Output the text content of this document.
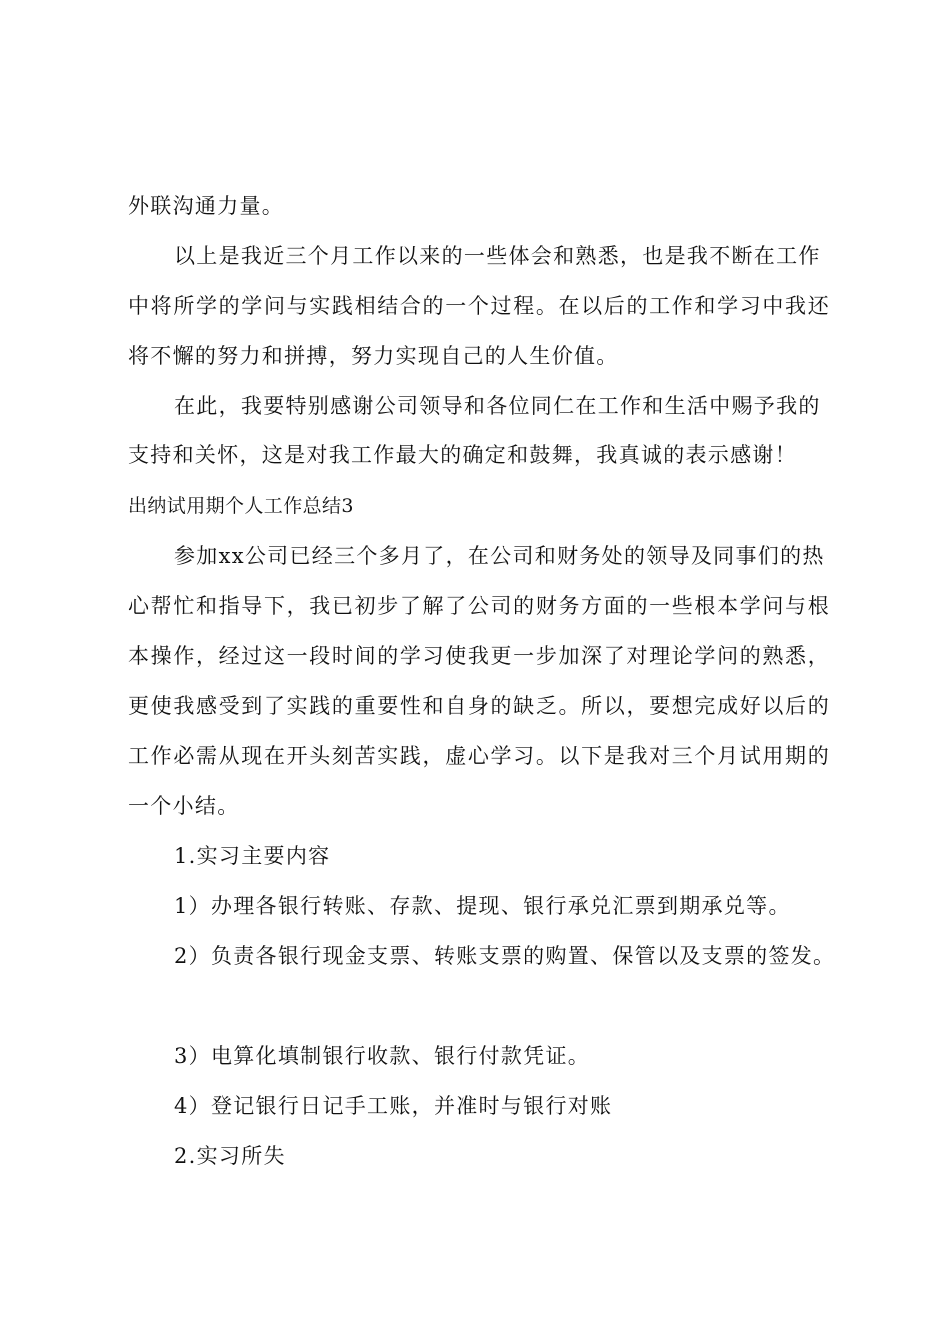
外联沟通力量。
以上是我近三个月工作以来的一些体会和熟悉，也是我不断在工作
中将所学的学问与实践相结合的一个过程。在以后的工作和学习中我还
将不懈的努力和拼搏，努力实现自己的人生价值。
在此，我要特别感谢公司领导和各位同仁在工作和生活中赐予我的
支持和关怀，这是对我工作最大的确定和鼓舞，我真诚的表示感谢！
出纳试用期个人工作总结3
参加xx公司已经三个多月了，在公司和财务处的领导及同事们的热
心帮忙和指导下，我已初步了解了公司的财务方面的一些根本学问与根
本操作，经过这一段时间的学习使我更一步加深了对理论学问的熟悉，
更使我感受到了实践的重要性和自身的缺乏。所以，要想完成好以后的
工作必需从现在开头刻苦实践，虚心学习。以下是我对三个月试用期的
一个小结。
1.实习主要内容
1）办理各银行转账、存款、提现、银行承兑汇票到期承兑等。
2）负责各银行现金支票、转账支票的购置、保管以及支票的签发。
3）电算化填制银行收款、银行付款凭证。
4）登记银行日记手工账，并准时与银行对账
2.实习所失
